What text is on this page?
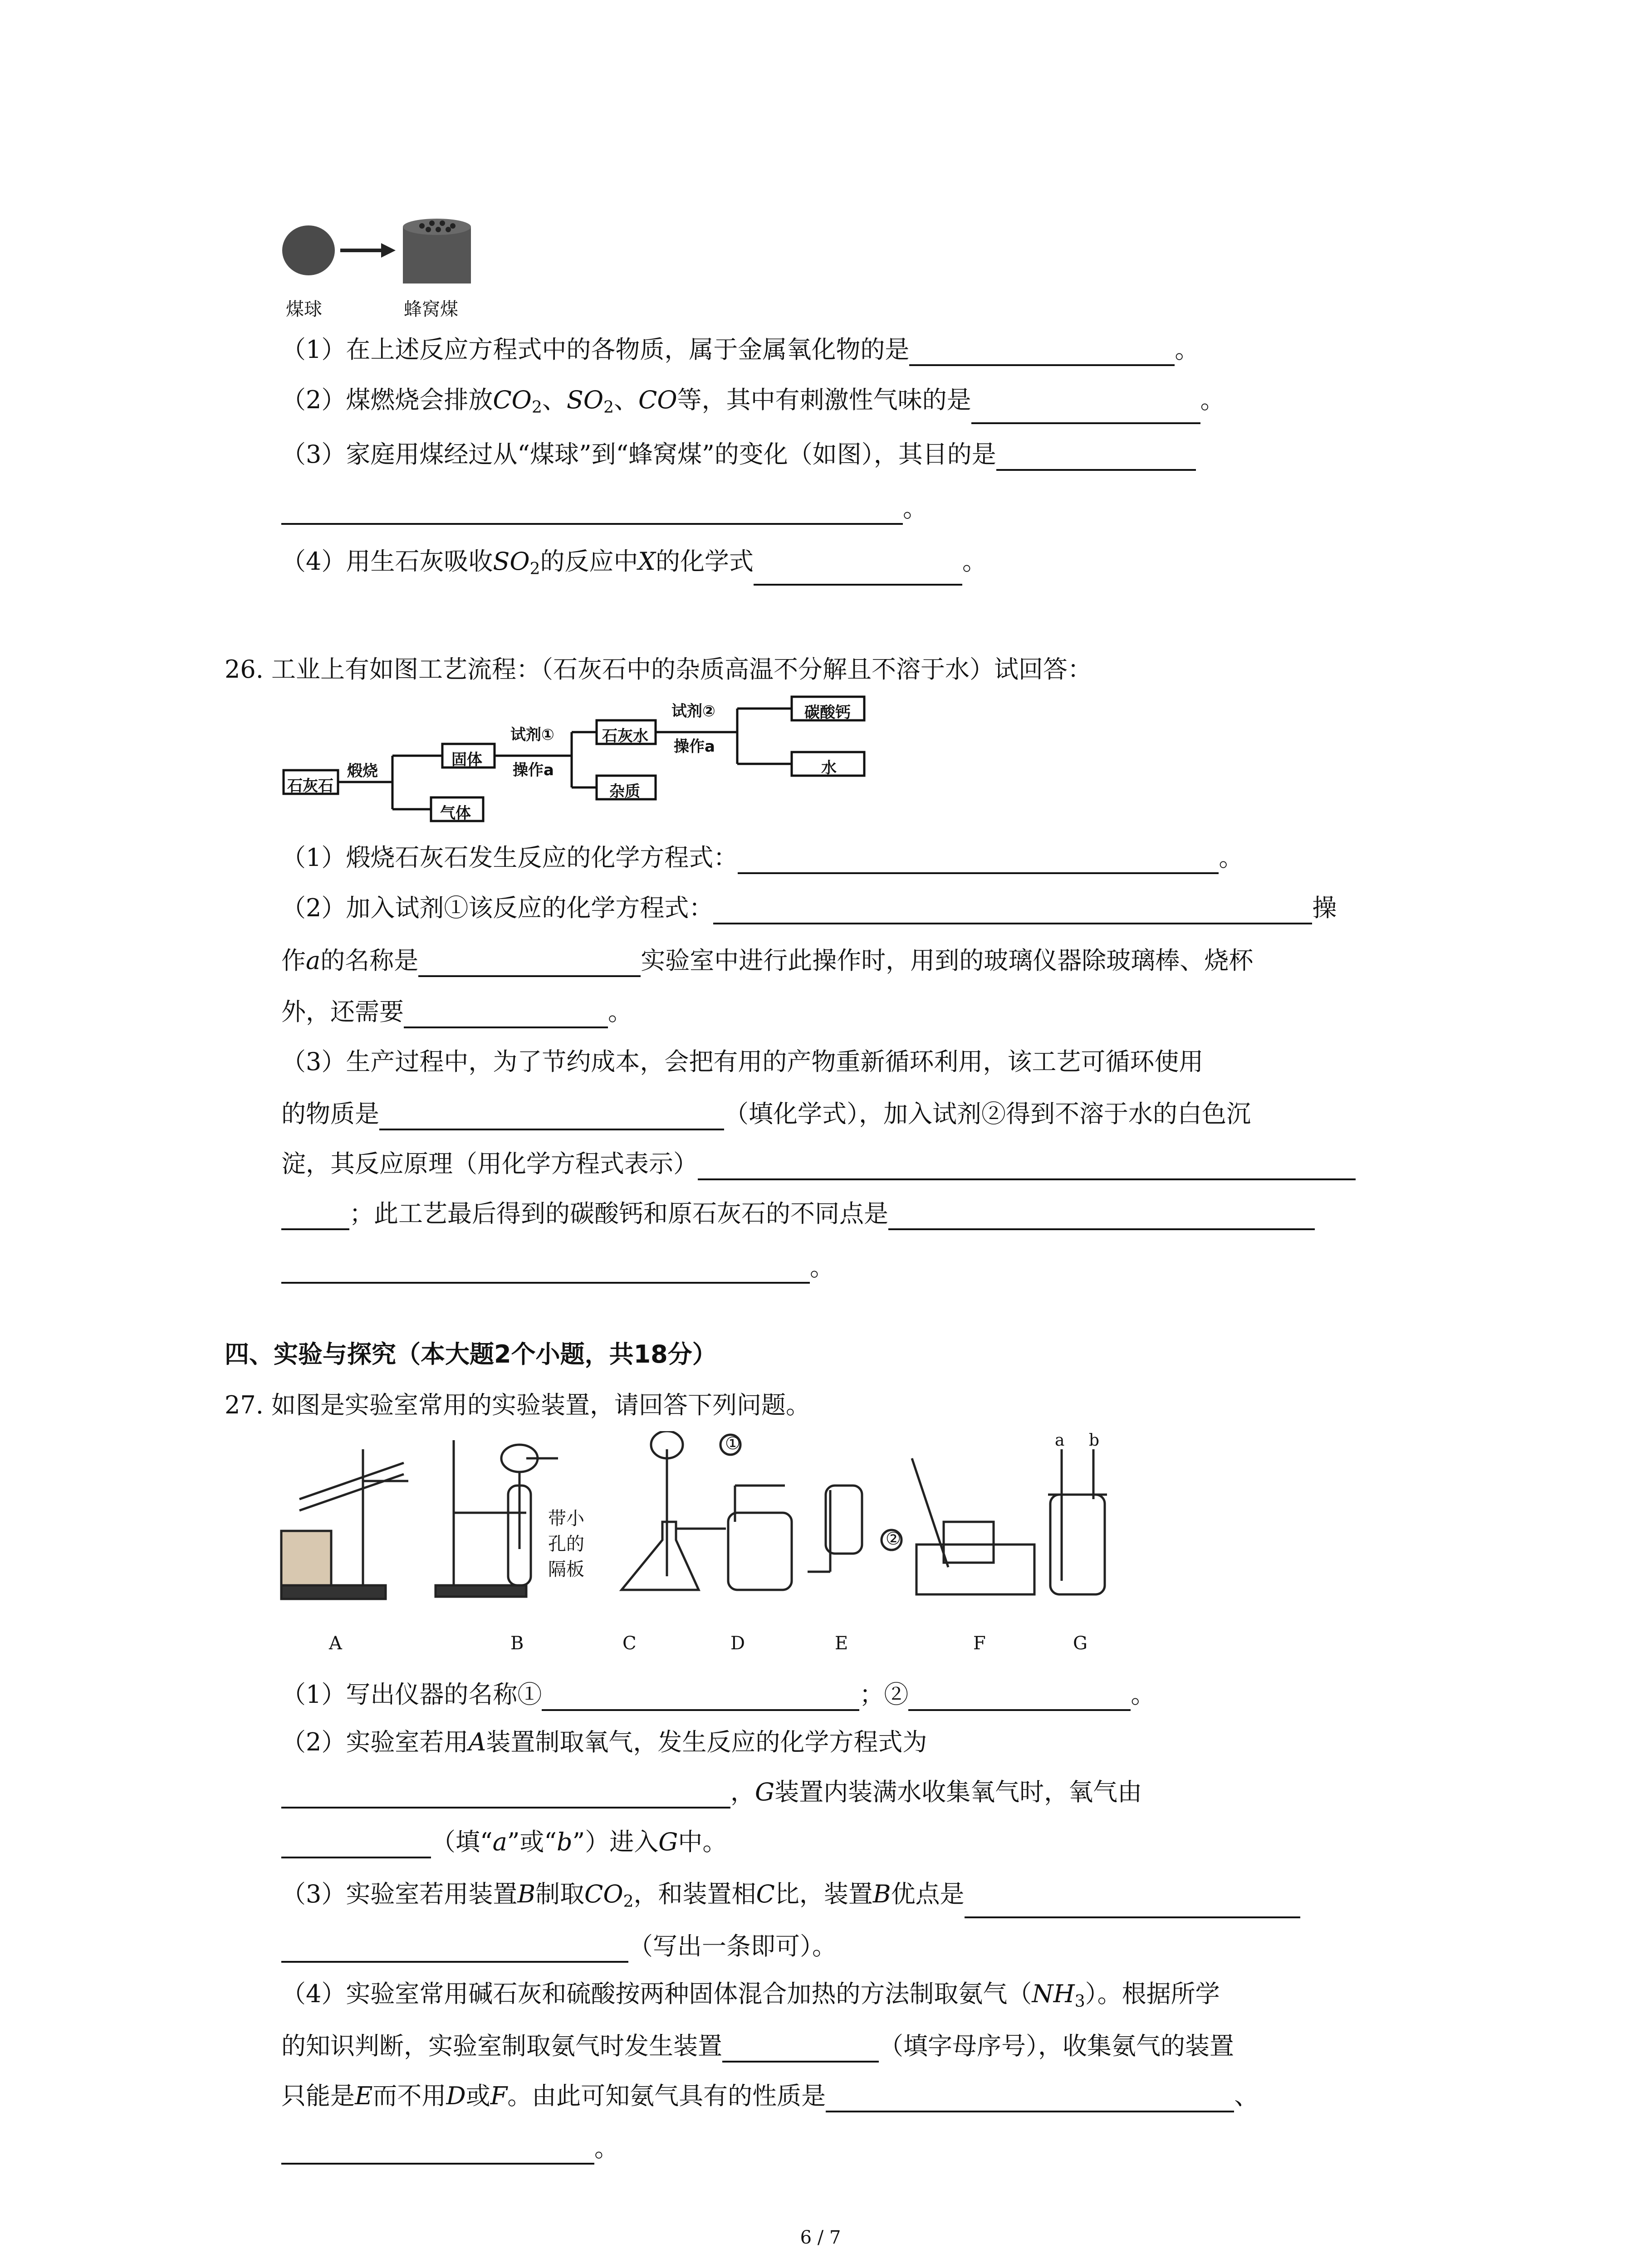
煤球	蜂窝煤
（1）在上述反应方程式中的各物质，属于金属氧化物的是	。
（2）煤燃烧会排放$CO_2$、$SO_2$、CO等，其中有刺激性气味的是	。
（3）家庭用煤经过从“煤球”到“蜂窝煤”的变化（如图），其目的是
。
（4）用生石灰吸收$SO_2$的反应中X的化学式	。
26. 工业上有如图工艺流程：（石灰石中的杂质高温不分解且不溶于水）试回答：
石灰石
煅烧
固体
气体
试剂①
操作a
石灰水
杂质
试剂②
操作a
碳酸钙
水
（1）煅烧石灰石发生反应的化学方程式：	。
（2）加入试剂①该反应的化学方程式：	操
作a的名称是	实验室中进行此操作时，用到的玻璃仪器除玻璃棒、烧杯
外，还需要	。
（3）生产过程中，为了节约成本，会把有用的产物重新循环利用，该工艺可循环使用
的物质是	（填化学式），加入试剂②得到不溶于水的白色沉
淀，其反应原理（用化学方程式表示）
；此工艺最后得到的碳酸钙和原石灰石的不同点是
。
四、实验与探究（本大题2个小题，共18分）
27. 如图是实验室常用的实验装置，请回答下列问题。
带小
孔的
隔板
①
②
a b
A	B	C	D	E	F	G
（1）写出仪器的名称①	；②	。
（2）实验室若用A装置制取氧气，发生反应的化学方程式为
，G装置内装满水收集氧气时，氧气由
（填“a”或“b”）进入G中。
（3）实验室若用装置B制取$CO_2$，和装置相C比，装置B优点是
（写出一条即可）。
（4）实验室常用碱石灰和硫酸按两种固体混合加热的方法制取氨气$(NH_3)$。根据所学
的知识判断，实验室制取氨气时发生装置	（填字母序号），收集氨气的装置
只能是E而不用D或F。由此可知氨气具有的性质是	、
。
6 / 7
